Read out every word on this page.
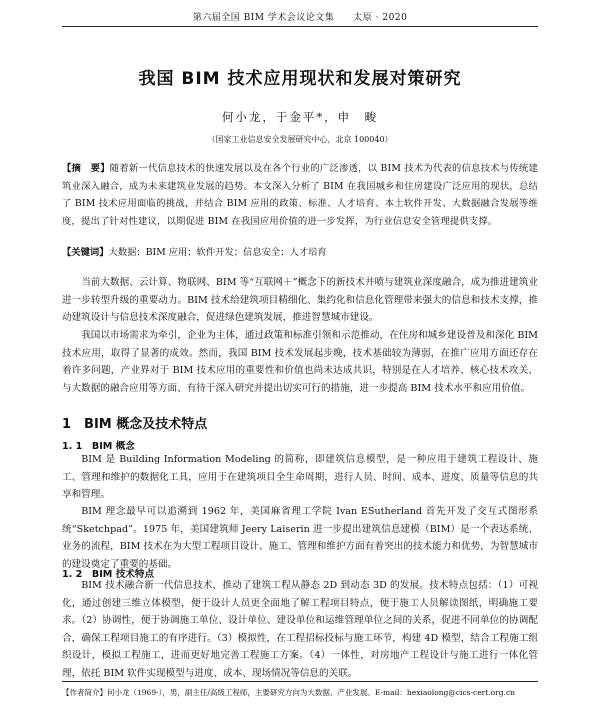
第六届全国 BIM 学术会议论文集　　太原 · 2020
我国 BIM 技术应用现状和发展对策研究
何小龙，于金平*，申　畯
（国家工业信息安全发展研究中心，北京 100040）
【摘　要】随着新一代信息技术的快速发展以及在各个行业的广泛渗透，以 BIM 技术为代表的信息技术与传统建筑业深入融合，成为未来建筑业发展的趋势。本文深入分析了 BIM 在我国城乡和住房建设广泛应用的现状，总结了 BIM 技术应用面临的挑战，并结合 BIM 应用的政策、标准、人才培育、本土软件开发、大数据融合发展等维度，提出了针对性建议，以期促进 BIM 在我国应用价值的进一步发挥，为行业信息安全管理提供支撑。
【关键词】大数据；BIM 应用；软件开发；信息安全；人才培育

当前大数据、云计算、物联网、BIM 等“互联网＋”概念下的新技术井喷与建筑业深度融合，成为推进建筑业进一步转型升级的重要动力。BIM 技术给建筑项目精细化、集约化和信息化管理带来强大的信息和技术支撑，推动建筑设计与信息技术深度融合，促进绿色建筑发展，推进智慧城市建设。

我国以市场需求为牵引，企业为主体，通过政策和标准引领和示范推动，在住房和城乡建设普及和深化 BIM 技术应用，取得了显著的成效。然而，我国 BIM 技术发展起步晚，技术基础较为薄弱，在推广应用方面还存在着许多问题，产业界对于 BIM 技术应用的重要性和价值也尚未达成共识，特别是在人才培养、核心技术攻关、与大数据的融合应用等方面、有待于深入研究并提出切实可行的措施，进一步提高 BIM 技术水平和应用价值。

1　BIM 概念及技术特点
1. 1　BIM 概念

BIM 是 Building Information Modeling 的简称，即建筑信息模型，是一种应用于建筑工程设计、施工、管理和维护的数据化工具，应用于在建筑项目全生命周期，进行人员、时间、成本、进度、质量等信息的共享和管理。

BIM 理念最早可以追溯到 1962 年，美国麻省理工学院 Ivan ESutherland 首先开发了交互式图形系统“Sketchpad”。1975 年，美国建筑师 Jeery Laiserin 进一步提出建筑信息建模（BIM）是一个表达系统、业务的流程，BIM 技术在为大型工程项目设计、施工、管理和维护方面有着突出的技术能力和优势，为智慧城市的建设奠定了重要的基础。

1. 2　BIM 技术特点

BIM 技术融合新一代信息技术，推动了建筑工程从静态 2D 到动态 3D 的发展。技术特点包括：（1）可视化，通过创建三维立体模型，便于设计人员更全面地了解工程项目特点，便于施工人员解读图纸，明确施工要求。（2）协调性，便于协调施工单位、设计单位、建设单位和运维管理单位之间的关系，促进不同单位的协调配合，确保工程项目施工的有序进行。（3）模拟性，在工程招标投标与施工环节，构建 4D 模型，结合工程施工组织设计，模拟工程施工，进而更好地完善工程施工方案。（4）一体性，对房地产工程设计与施工进行一体化管理，依托 BIM 软件实现模型与进度、成本、现场情况等信息的关联。

【作者简介】何小龙（1969-），男，副主任/高级工程师，主要研究方向为大数据、产业发展。E-mail：hexiaolong@cics-cert.org.cn
